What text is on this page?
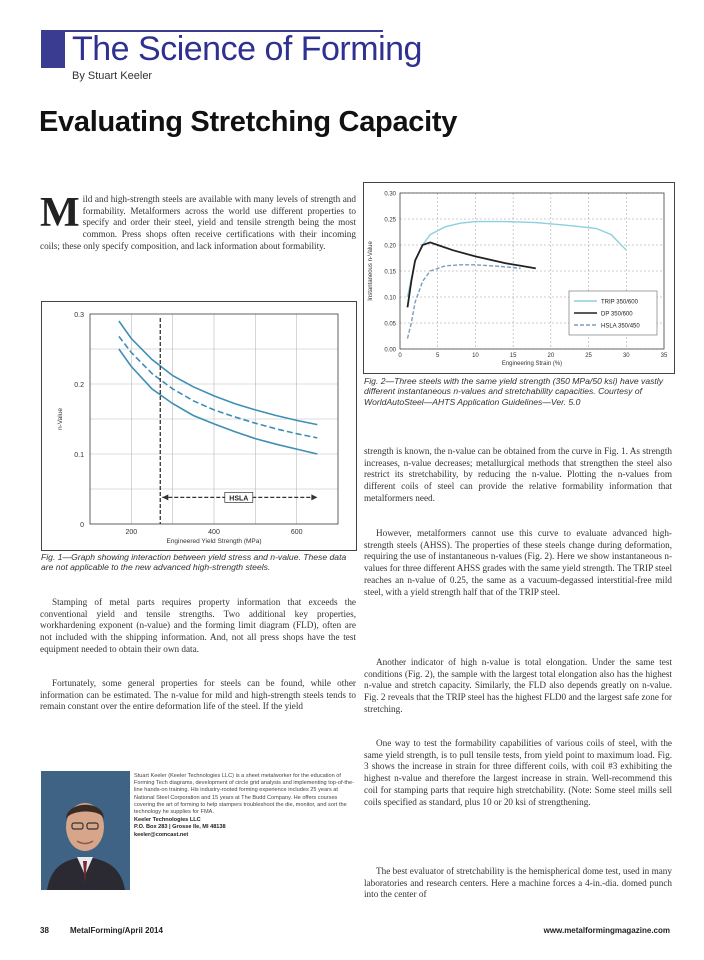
The Science of Forming
By Stuart Keeler
Evaluating Stretching Capacity
Mild and high-strength steels are available with many levels of strength and formability. Metalformers across the world use different properties to specify and order their steel, yield and tensile strength being the most common. Press shops often receive certifications with their incoming coils; these only specify composition, and lack information about formability.
0.3
0.2
0.1
0
200	400	600
Engineered Yield Strength (MPa)
n-Value
HSLA
Fig. 1—Graph showing interaction between yield stress and n-value. These data are not applicable to the new advanced high-strength steels.
Stamping of metal parts requires property information that exceeds the conventional yield and tensile strengths. Two additional key properties, workhardening exponent (n-value) and the forming limit diagram (FLD), often are not included with the shipping information. And, not all press shops have the test equipment needed to obtain their own data.
Fortunately, some general properties for steels can be found, while other information can be estimated. The n-value for mild and high-strength steels tends to remain constant over the entire deformation life of the steel. If the yield
Stuart Keeler (Keeler Technologies LLC) is a sheet metalworker for the education of Forming Tech diagrams, development of circle grid analysis and implementing top-of-the-line hands-on training. His industry-rooted forming experience includes 25 years at National Steel Corporation and 15 years at The Budd Company. He offers courses covering the art of forming to help stampers troubleshoot the die, monitor, and sort the technology he supplies for FMA.
Keeler Technologies LLC
P.O. Box 283 | Grosse Ile, MI 48138
keeler@comcast.net
0.30
0.25
0.20
0.15
0.10
0.05
0.00
0	5	10	15	20	25	30	35
Engineering Strain (%)
Instantaneous n-Value
TRIP 350/600
DP 350/600
HSLA 350/450
Fig. 2—Three steels with the same yield strength (350 MPa/50 ksi) have vastly different instantaneous n-values and stretchability capacities. Courtesy of WorldAutoSteel—AHTS Application Guidelines—Ver. 5.0
strength is known, the n-value can be obtained from the curve in Fig. 1. As strength increases, n-value decreases; metallurgical methods that strengthen the steel also restrict its stretchability, by reducing the n-value. Plotting the n-values from different coils of steel can provide the relative formability information that metalformers need.
However, metalformers cannot use this curve to evaluate advanced high-strength steels (AHSS). The properties of these steels change during deformation, requiring the use of instantaneous n-values (Fig. 2). Here we show instantaneous n-values for three different AHSS grades with the same yield strength. The TRIP steel reaches an n-value of 0.25, the same as a vacuum-degassed interstitial-free mild steel, with a yield strength half that of the TRIP steel.
Another indicator of high n-value is total elongation. Under the same test conditions (Fig. 2), the sample with the largest total elongation also has the highest n-value and stretch capacity. Similarly, the FLD also depends greatly on n-value. Fig. 2 reveals that the TRIP steel has the highest FLD0 and the largest safe zone for stretching.
One way to test the formability capabilities of various coils of steel, with the same yield strength, is to pull tensile tests, from yield point to maximum load. Fig. 3 shows the increase in strain for three different coils, with coil #3 exhibiting the highest n-value and therefore the largest increase in strain. Well-recommend this coil for stamping parts that require high stretchability. (Note: Some steel mills sell coils specified as standard, plus 10 or 20 ksi of strengthening.
The best evaluator of stretchability is the hemispherical dome test, used in many laboratories and research centers. Here a machine forces a 4-in.-dia. domed punch into the center of
38	MetalForming/April 2014	www.metalformingmagazine.com
